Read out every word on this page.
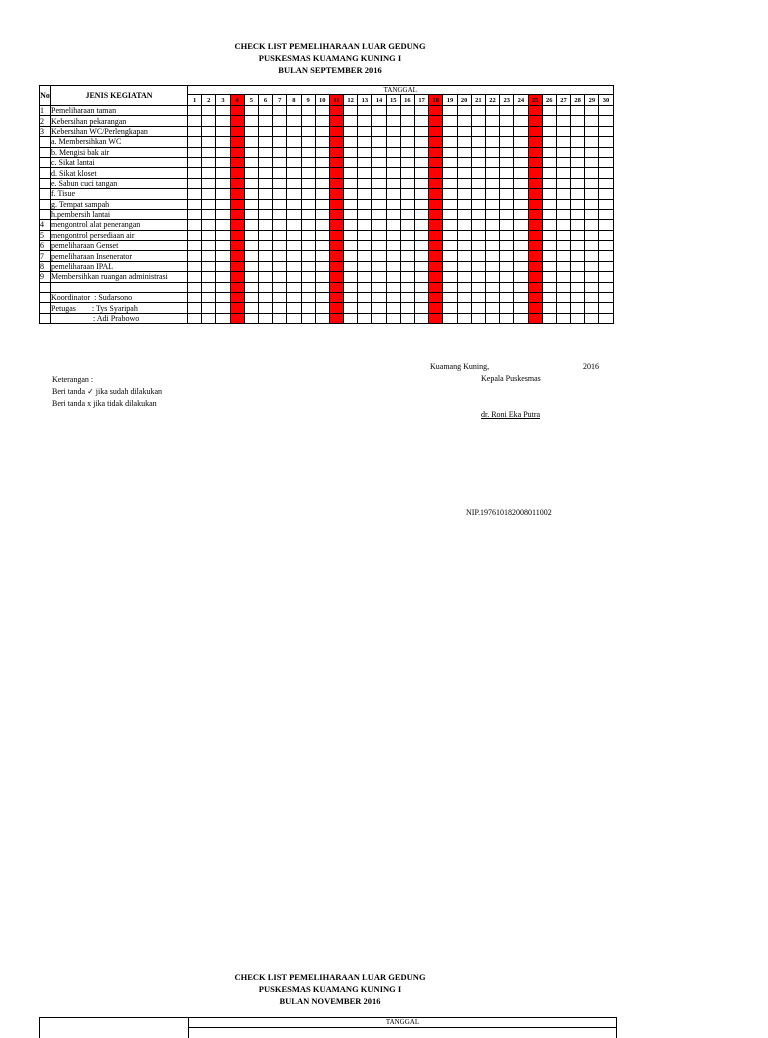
CHECK LIST PEMELIHARAAN LUAR GEDUNG
PUSKESMAS KUAMANG KUNING I
BULAN SEPTEMBER 2016
No	JENIS KEGIATAN	TANGGAL																													
		1	2	3	4	5	6	7	8	9	10	11	12	13	14	15	16	17	18	19	20	21	22	23	24	25	26	27	28	29	30
1	Pemeliharaan taman																														
2	Kebersihan pekarangan																														
3	Kebersihan WC/Perlengkapan																														
	a. Membersihkan WC																														
	b. Mengisi bak air																														
	c. Sikat lantai																														
	d. Sikat kloset																														
	e. Sabun cuci tangan																														
	f. Tisue																														
	g. Tempat sampah																														
	h.pembersih lantai																														
4	mengontrol alat penerangan																														
5	mengontrol persediaan air																														
6	pemeliharaan Genset																														
7	pemeliharaan Insenerator																														
8	pemeliharaan IPAL																														
9	Membersihkan ruangan administrasi																														

	Koordinator  : Sudarsono																														
	Petugas        : Tys Syaripah																														
	: Adi Prabowo																														
Kuamang Kuning,	2016
Kepala Puskesmas
dr. Roni Eka Putra
NIP.197610182008011002
Keterangan :
Beri tanda ✓ jika sudah dilakukan
Beri tanda x jika tidak dilakukan
CHECK LIST PEMELIHARAAN LUAR GEDUNG
PUSKESMAS KUAMANG KUNING I
BULAN NOVEMBER 2016
TANGGAL
